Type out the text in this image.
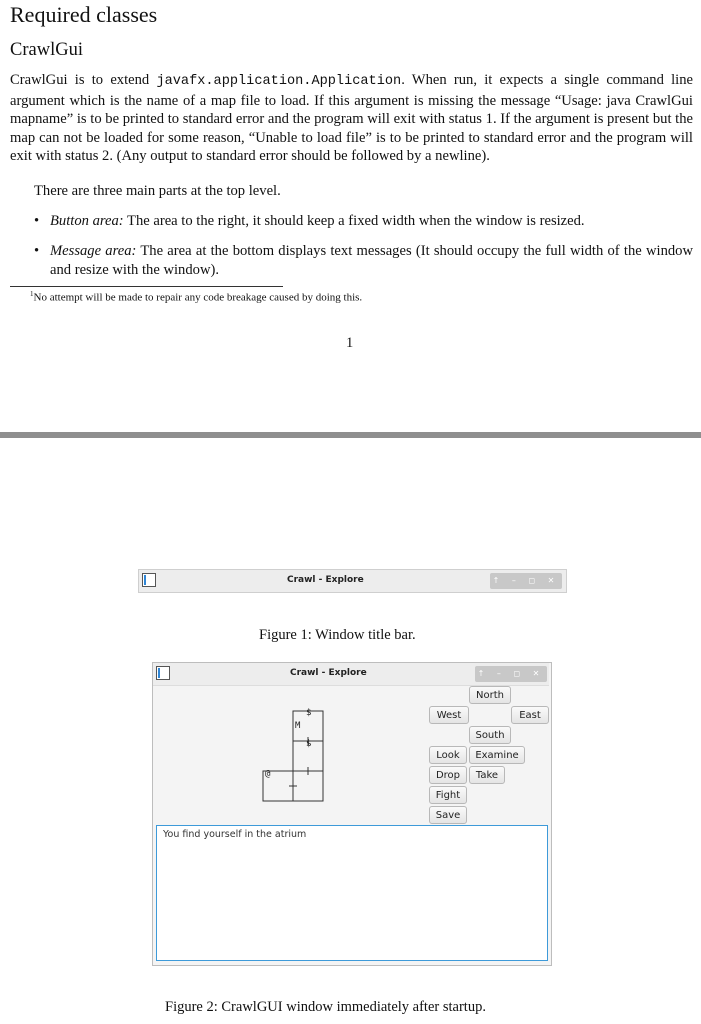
Required classes
CrawlGui
CrawlGui is to extend javafx.application.Application. When run, it expects a single command line argument which is the name of a map file to load. If this argument is missing the message “Usage: java CrawlGui mapname” is to be printed to standard error and the program will exit with status 1. If the argument is present but the map can not be loaded for some reason, “Unable to load file” is to be printed to standard error and the program will exit with status 2. (Any output to standard error should be followed by a newline).
There are three main parts at the top level.
• Button area: The area to the right, it should keep a fixed width when the window is resized.
• Message area: The area at the bottom displays text messages (It should occupy the full width of the window and resize with the window).
$^1$No attempt will be made to repair any code breakage caused by doing this.
1
Crawl - Explore	↑ – ◻ ✕
Figure 1: Window title bar.
Crawl - Explore	↑ – ◻ ✕
$
M
$
@
North
West	East
South
Look	Examine
Drop	Take
Fight
Save
You find yourself in the atrium
Figure 2: CrawlGUI window immediately after startup.
